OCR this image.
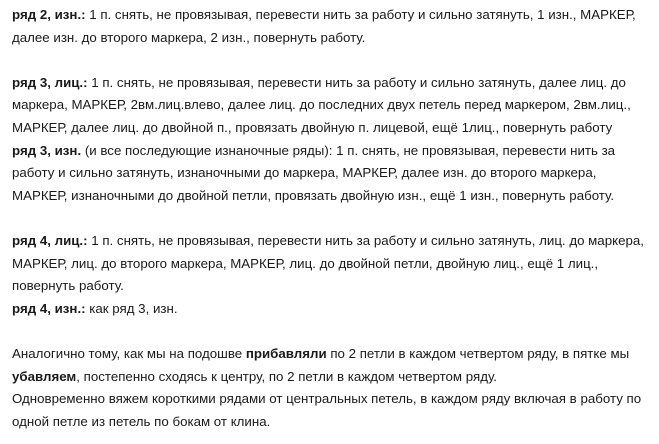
ряд 2, изн.: 1 п. снять, не провязывая, перевести нить за работу и сильно затянуть, 1 изн., МАРКЕР, далее изн. до второго маркера, 2 изн., повернуть работу.

ряд 3, лиц.: 1 п. снять, не провязывая, перевести нить за работу и сильно затянуть, далее лиц. до маркера, МАРКЕР, 2вм.лиц.влево, далее лиц. до последних двух петель перед маркером, 2вм.лиц., МАРКЕР, далее лиц. до двойной п., провязать двойную п. лицевой, ещё 1лиц., повернуть работу

ряд 3, изн. (и все последующие изнаночные ряды): 1 п. снять, не провязывая, перевести нить за работу и сильно затянуть, изнаночными до маркера, МАРКЕР, далее изн. до второго маркера, МАРКЕР, изнаночными до двойной петли, провязать двойную изн., ещё 1 изн., повернуть работу.

ряд 4, лиц.: 1 п. снять, не провязывая, перевести нить за работу и сильно затянуть, лиц. до маркера, МАРКЕР, лиц. до второго маркера, МАРКЕР, лиц. до двойной петли, двойную лиц., ещё 1 лиц., повернуть работу.

ряд 4, изн.: как ряд 3, изн.

Аналогично тому, как мы на подошве прибавляли по 2 петли в каждом четвертом ряду, в пятке мы убавляем, постепенно сходясь к центру, по 2 петли в каждом четвертом ряду.

Одновременно вяжем короткими рядами от центральных петель, в каждом ряду включая в работу по одной петле из петель по бокам от клина.
